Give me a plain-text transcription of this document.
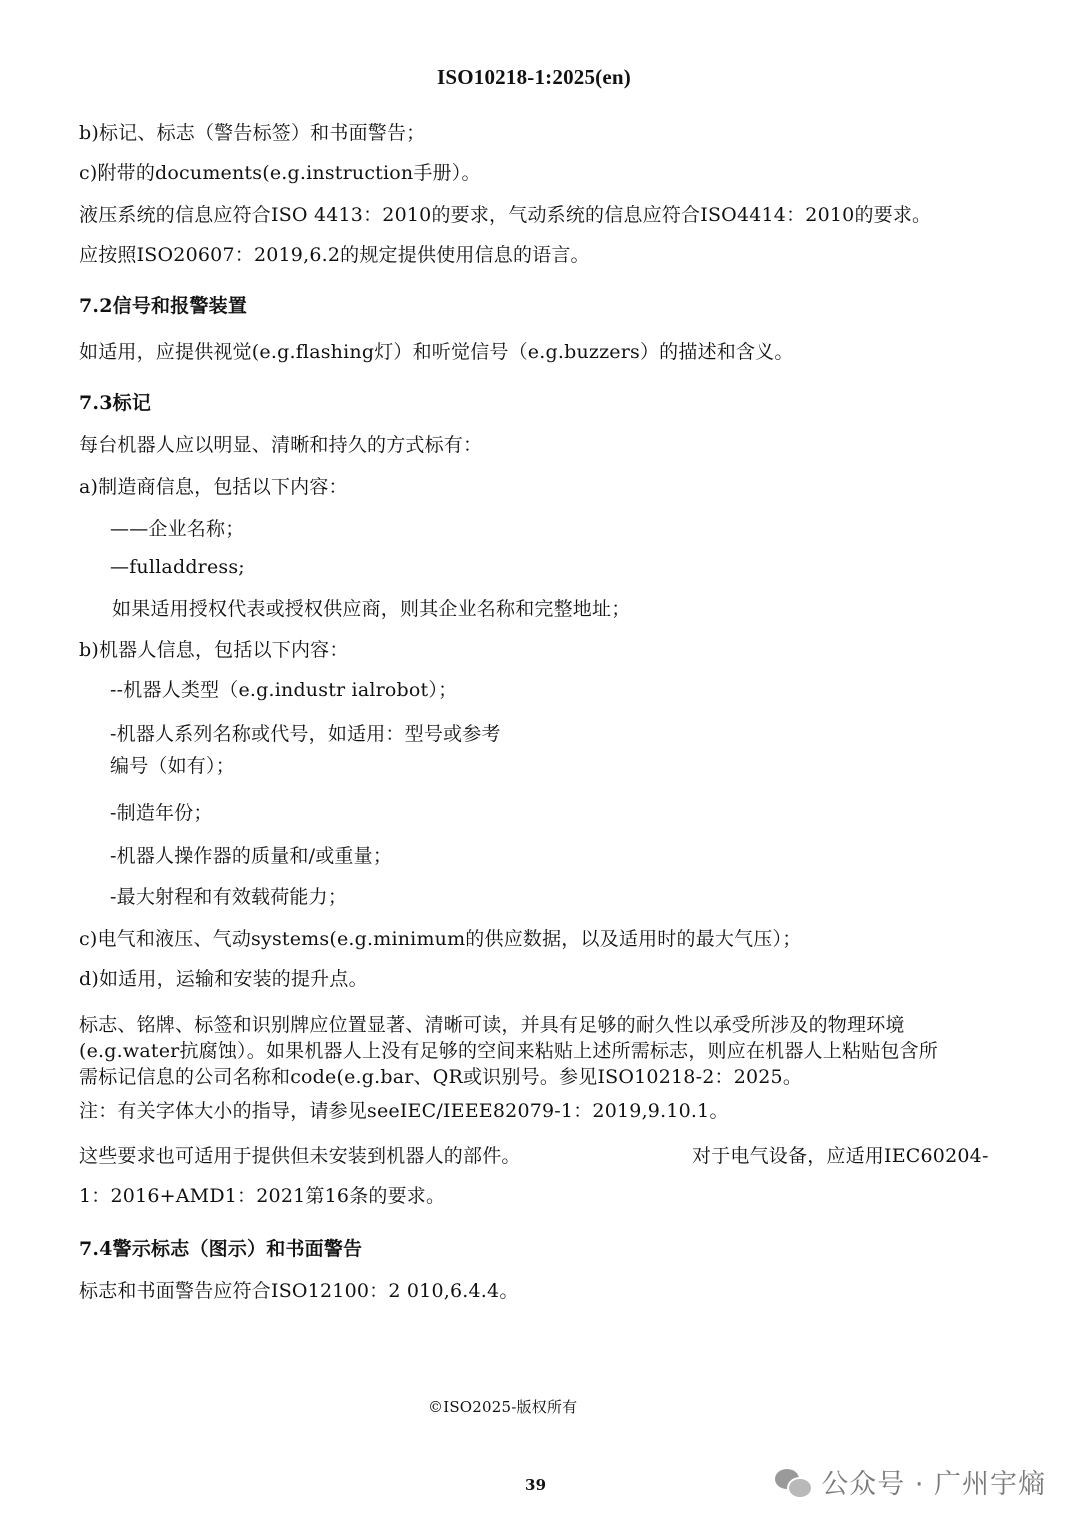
ISO10218-1:2025(en)
b)标记、标志（警告标签）和书面警告；
c)附带的documents(e.g.instruction手册）。
液压系统的信息应符合ISO 4413：2010的要求，气动系统的信息应符合ISO4414：2010的要求。
应按照ISO20607：2019,6.2的规定提供使用信息的语言。
7.2信号和报警装置
如适用，应提供视觉(e.g.flashing灯）和听觉信号（e.g.buzzers）的描述和含义。
7.3标记
每台机器人应以明显、清晰和持久的方式标有：
a)制造商信息，包括以下内容：
——企业名称；
—fulladdress;
如果适用授权代表或授权供应商，则其企业名称和完整地址；
b)机器人信息，包括以下内容：
--机器人类型（e.g.industr ialrobot）；
-机器人系列名称或代号，如适用：型号或参考
编号（如有）；
-制造年份；
-机器人操作器的质量和/或重量；
-最大射程和有效载荷能力；
c)电气和液压、气动systems(e.g.minimum的供应数据，以及适用时的最大气压）；
d)如适用，运输和安装的提升点。
标志、铭牌、标签和识别牌应位置显著、清晰可读，并具有足够的耐久性以承受所涉及的物理环境
(e.g.water抗腐蚀）。如果机器人上没有足够的空间来粘贴上述所需标志，则应在机器人上粘贴包含所
需标记信息的公司名称和code(e.g.bar、QR或识别号。参见ISO10218-2：2025。
注：有关字体大小的指导，请参见seeIEC/IEEE82079-1：2019,9.10.1。
这些要求也可适用于提供但未安装到机器人的部件。	对于电气设备，应适用IEC60204-
1：2016+AMD1：2021第16条的要求。
7.4警示标志（图示）和书面警告
标志和书面警告应符合ISO12100：2 010,6.4.4。
©ISO2025-版权所有
39	公众号 · 广州宇熵
